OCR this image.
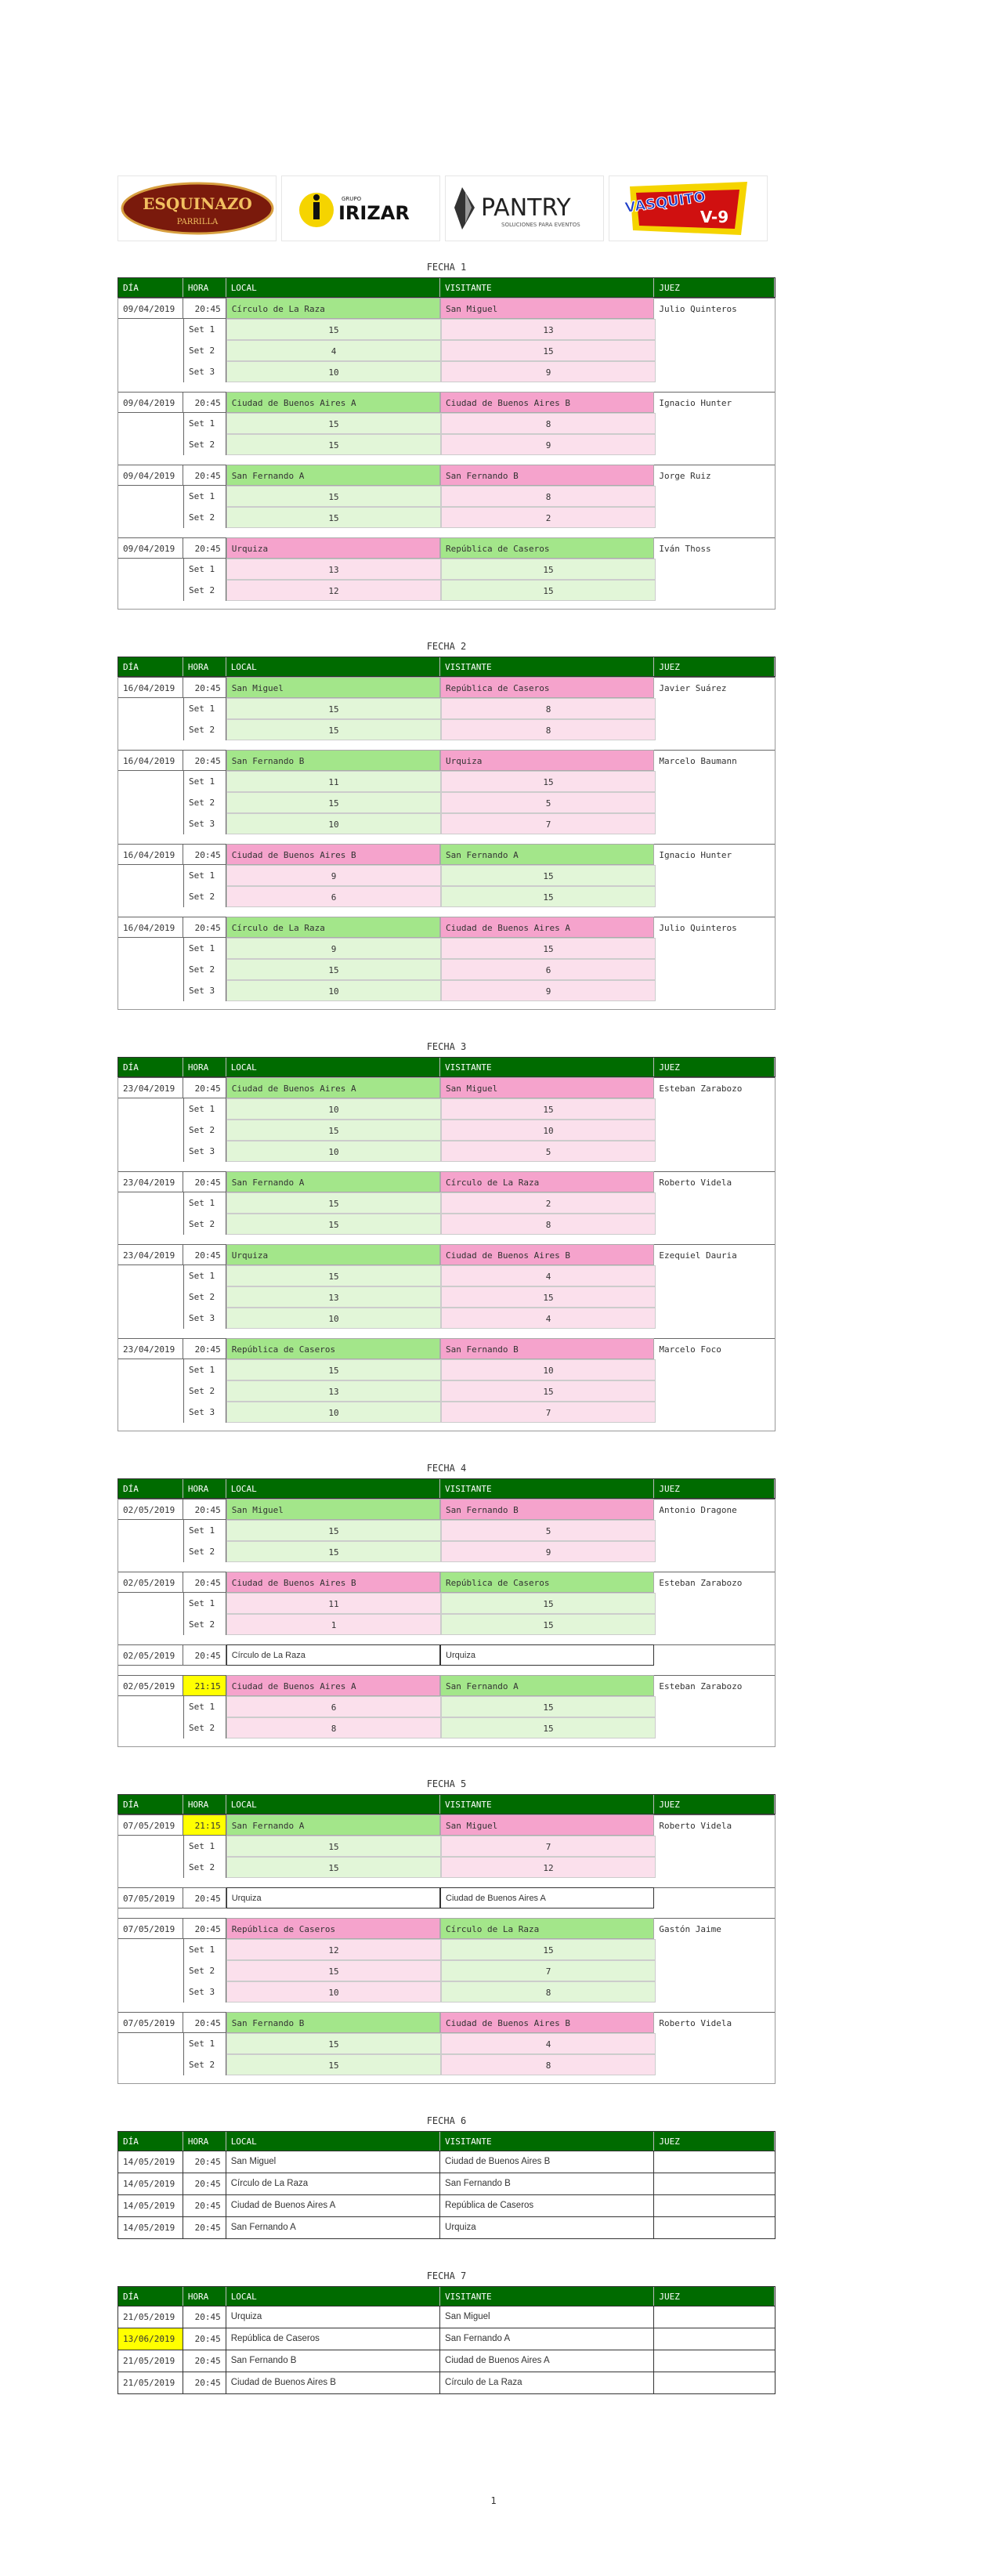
ESQUINAZO
PARRILLA
GRUPO
IRIZAR	PANTRY
SOLUCIONES PARA EVENTOS
VASQUITO
V-9
FECHA 1
DÍA	HORA	LOCAL	VISITANTE	JUEZ
09/04/2019	20:45	Círculo de La Raza	San Miguel	Julio Quinteros
Set 1	15	13
Set 2	4	15
Set 3	10	9
09/04/2019	20:45	Ciudad de Buenos Aires A	Ciudad de Buenos Aires B	Ignacio Hunter
Set 1	15	8
Set 2	15	9
09/04/2019	20:45	San Fernando A	San Fernando B	Jorge Ruiz
Set 1	15	8
Set 2	15	2
09/04/2019	20:45	Urquiza	República de Caseros	Iván Thoss
Set 1	13	15
Set 2	12	15
FECHA 2
DÍA	HORA	LOCAL	VISITANTE	JUEZ
16/04/2019	20:45	San Miguel	República de Caseros	Javier Suárez
Set 1	15	8
Set 2	15	8
16/04/2019	20:45	San Fernando B	Urquiza	Marcelo Baumann
Set 1	11	15
Set 2	15	5
Set 3	10	7
16/04/2019	20:45	Ciudad de Buenos Aires B	San Fernando A	Ignacio Hunter
Set 1	9	15
Set 2	6	15
16/04/2019	20:45	Círculo de La Raza	Ciudad de Buenos Aires A	Julio Quinteros
Set 1	9	15
Set 2	15	6
Set 3	10	9
FECHA 3
DÍA	HORA	LOCAL	VISITANTE	JUEZ
23/04/2019	20:45	Ciudad de Buenos Aires A	San Miguel	Esteban Zarabozo
Set 1	10	15
Set 2	15	10
Set 3	10	5
23/04/2019	20:45	San Fernando A	Círculo de La Raza	Roberto Videla
Set 1	15	2
Set 2	15	8
23/04/2019	20:45	Urquiza	Ciudad de Buenos Aires B	Ezequiel Dauria
Set 1	15	4
Set 2	13	15
Set 3	10	4
23/04/2019	20:45	República de Caseros	San Fernando B	Marcelo Foco
Set 1	15	10
Set 2	13	15
Set 3	10	7
FECHA 4
DÍA	HORA	LOCAL	VISITANTE	JUEZ
02/05/2019	20:45	San Miguel	San Fernando B	Antonio Dragone
Set 1	15	5
Set 2	15	9
02/05/2019	20:45	Ciudad de Buenos Aires B	República de Caseros	Esteban Zarabozo
Set 1	11	15
Set 2	1	15
02/05/2019	20:45	Círculo de La Raza	Urquiza
02/05/2019	21:15	Ciudad de Buenos Aires A	San Fernando A	Esteban Zarabozo
Set 1	6	15
Set 2	8	15
FECHA 5
DÍA	HORA	LOCAL	VISITANTE	JUEZ
07/05/2019	21:15	San Fernando A	San Miguel	Roberto Videla
Set 1	15	7
Set 2	15	12
07/05/2019	20:45	Urquiza	Ciudad de Buenos Aires A
07/05/2019	20:45	República de Caseros	Círculo de La Raza	Gastón Jaime
Set 1	12	15
Set 2	15	7
Set 3	10	8
07/05/2019	20:45	San Fernando B	Ciudad de Buenos Aires B	Roberto Videla
Set 1	15	4
Set 2	15	8
FECHA 6
DÍA	HORA	LOCAL	VISITANTE	JUEZ
14/05/2019	20:45	San Miguel	Ciudad de Buenos Aires B
14/05/2019	20:45	Círculo de La Raza	San Fernando B
14/05/2019	20:45	Ciudad de Buenos Aires A	República de Caseros
14/05/2019	20:45	San Fernando A	Urquiza
FECHA 7
DÍA	HORA	LOCAL	VISITANTE	JUEZ
21/05/2019	20:45	Urquiza	San Miguel
13/06/2019	20:45	República de Caseros	San Fernando A
21/05/2019	20:45	San Fernando B	Ciudad de Buenos Aires A
21/05/2019	20:45	Ciudad de Buenos Aires B	Círculo de La Raza
1
